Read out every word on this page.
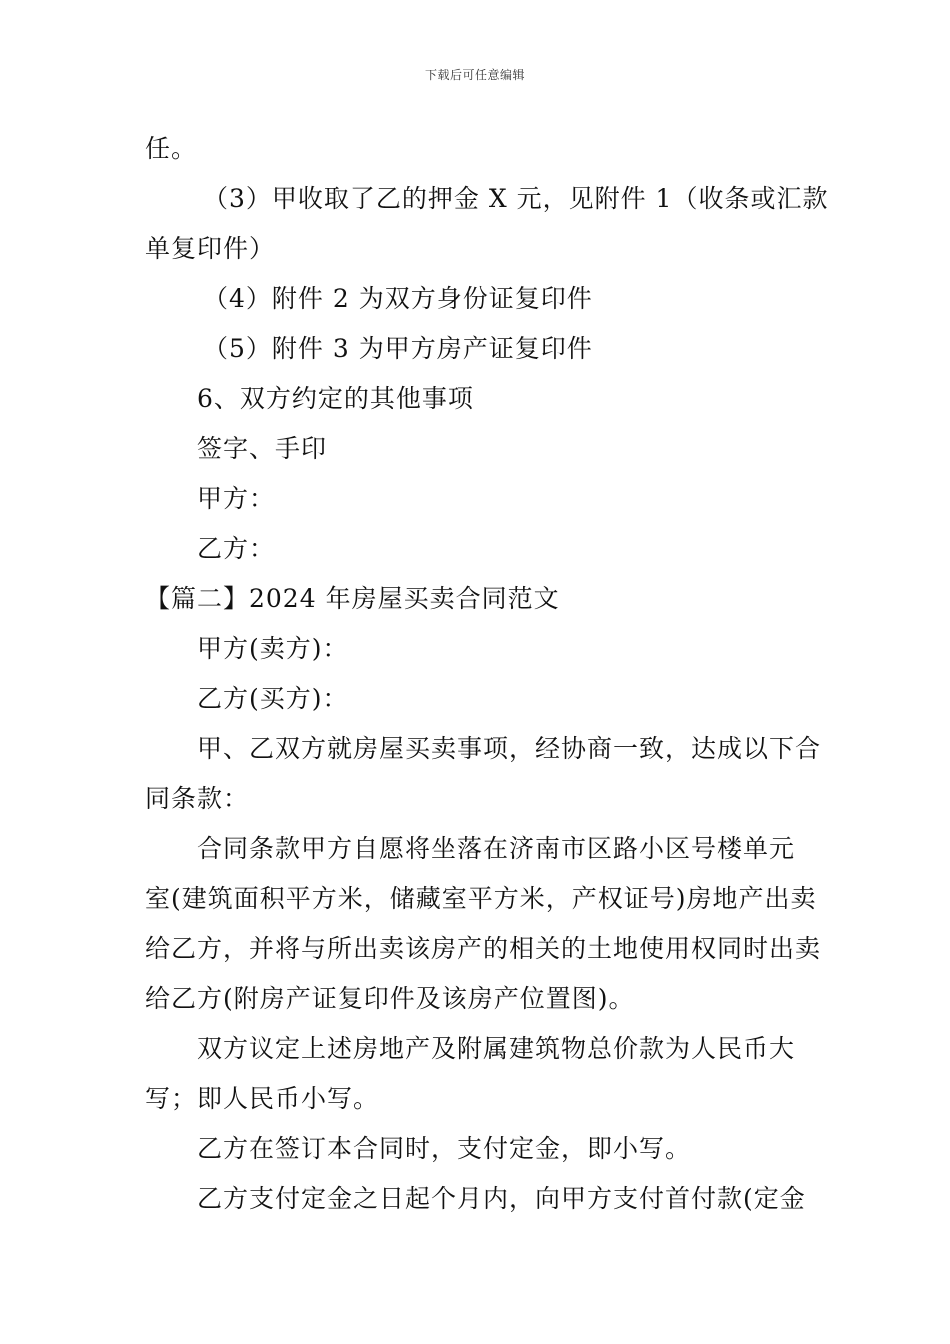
下载后可任意编辑
任。
（3）甲收取了乙的押金 X 元，见附件 1（收条或汇款
单复印件）
（4）附件 2 为双方身份证复印件
（5）附件 3 为甲方房产证复印件
6、双方约定的其他事项
签字、手印
甲方：
乙方：
【篇二】2024 年房屋买卖合同范文
甲方(卖方)：
乙方(买方)：
甲、乙双方就房屋买卖事项，经协商一致，达成以下合
同条款：
合同条款甲方自愿将坐落在济南市区路小区号楼单元
室(建筑面积平方米，储藏室平方米，产权证号)房地产出卖
给乙方，并将与所出卖该房产的相关的土地使用权同时出卖
给乙方(附房产证复印件及该房产位置图)。
双方议定上述房地产及附属建筑物总价款为人民币大
写；即人民币小写。
乙方在签订本合同时，支付定金，即小写。
乙方支付定金之日起个月内，向甲方支付首付款(定金
